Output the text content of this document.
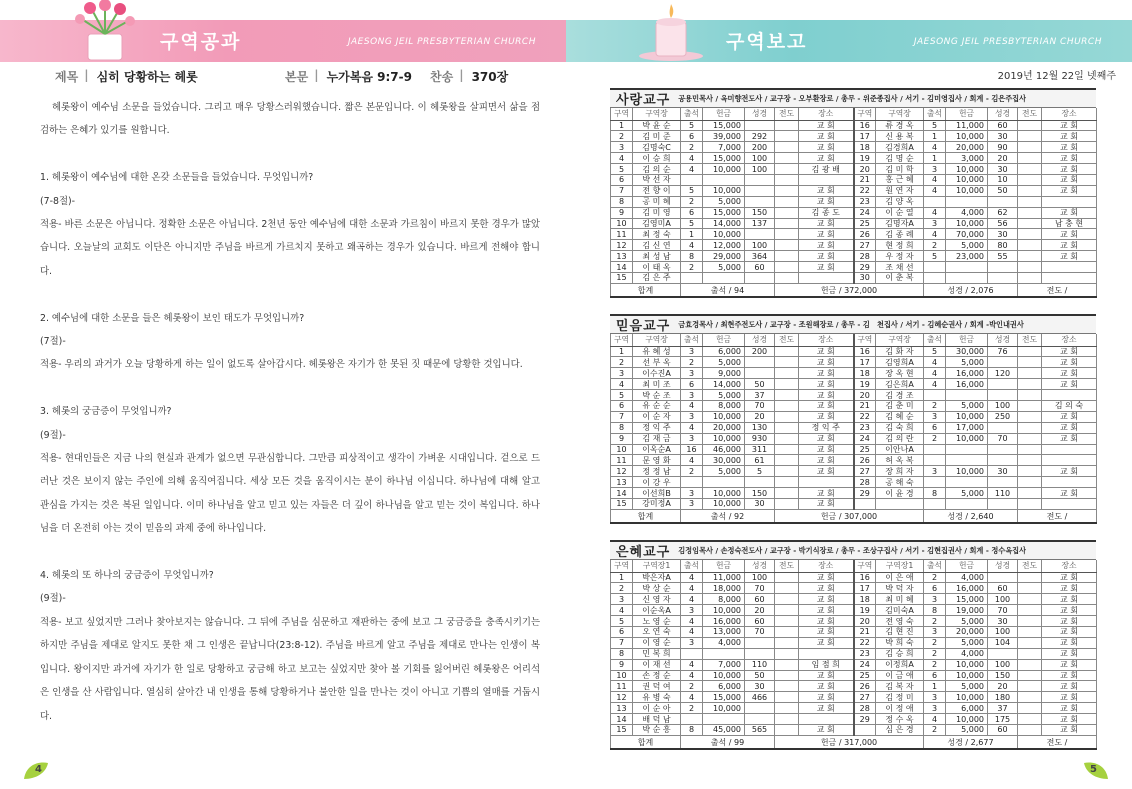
구역공과	JAESONG JEIL PRESBYTERIAN CHURCH
제목 | 심히 당황하는 헤롯	본문 | 누가복음 9:7-9 찬송 | 370장

헤롯왕이 예수님 소문을 들었습니다. 그리고 매우 당황스러워했습니다. 짧은 본문입니다. 이 헤롯왕을 살피면서 삶을 점검하는 은혜가 있기를 원합니다.

1. 헤롯왕이 예수님에 대한 온갖 소문들을 들었습니다. 무엇입니까?

(7-8절)-

적용- 바른 소문은 아닙니다. 정확한 소문은 아닙니다. 2천년 동안 예수님에 대한 소문과 가르침이 바르지 못한 경우가 많았습니다. 오늘날의 교회도 이단은 아니지만 주님을 바르게 가르치지 못하고 왜곡하는 경우가 있습니다. 바르게 전해야 합니다.

2. 예수님에 대한 소문을 들은 헤롯왕이 보인 태도가 무엇입니까?

(7절)-

적용- 우리의 과거가 오늘 당황하게 하는 일이 없도록 살아갑시다. 헤롯왕은 자기가 한 못된 짓 때문에 당황한 것입니다.

3. 헤롯의 궁금증이 무엇입니까?

(9절)-

적용- 현대인들은 지금 나의 현실과 관계가 없으면 무관심합니다. 그만큼 피상적이고 생각이 가벼운 시대입니다. 겉으로 드러난 것은 보이지 않는 주인에 의해 움직여집니다. 세상 모든 것을 움직이시는 분이 하나님 이십니다. 하나님에 대해 알고 관심을 가지는 것은 복된 일입니다. 이미 하나님을 알고 믿고 있는 자들은 더 깊이 하나님을 알고 믿는 것이 복입니다. 하나님을 더 온전히 아는 것이 믿음의 과제 중에 하나입니다.

4. 헤롯의 또 하나의 궁금증이 무엇입니까?

(9절)-

적용- 보고 싶었지만 그러나 찾아보지는 않습니다. 그 뒤에 주님을 심문하고 재판하는 중에 보고 그 궁금증을 충족시키기는 하지만 주님을 제대로 알지도 못한 채 그 인생은 끝납니다(23:8-12). 주님을 바르게 알고 주님을 제대로 만나는 인생이 복입니다. 왕이지만 과거에 자기가 한 일로 당황하고 궁금해 하고 보고는 싶었지만 찾아 볼 기회를 잃어버린 헤롯왕은 어리석은 인생을 산 사람입니다. 열심히 살아간 내 인생을 통해 당황하거나 불안한 일을 만나는 것이 아니고 기쁨의 열매를 거둡시다.

4
구역보고	JAESONG JEIL PRESBYTERIAN CHURCH
2019년 12월 22일 넷째주
사랑교구 공용민목사 / 옥미향전도사 / 교구장 - 오부환장로 / 총무 - 위준종집사 / 서기 - 김미영집사 / 회계 - 김은주집사
구역	구역장	출석	헌금	성경	전도	장소	구역	구역장	출석	헌금	성경	전도	장소
1	박 윤 순	5	15,000			교 회	16	류 경 옥	5	11,000	60		교 회
2	김 미 준	6	39,000	292		교 회	17	신 용 복	1	10,000	30		교 회
3	김명숙C	2	7,000	200		교 회	18	김경희A	4	20,000	90		교 회
4	이 승 희	4	15,000	100		교 회	19	김 명 순	1	3,000	20		교 회
5	김 의 순	4	10,000	100		김 광 배	20	김 미 학	3	10,000	30		교 회
6	박 선 자						21	홍 근 혜	4	10,000	10		교 회
7	전 향 이	5	10,000			교 회	22	원 연 자	4	10,000	50		교 회
8	공 미 혜	2	5,000			교 회	23	김 양 옥					
9	김 미 영	6	15,000	150		김 종 도	24	이 순 열	4	4,000	62		교 회
10	김영미A	5	14,000	137		교 회	25	김명자A	3	10,000	56		남 충 현
11	최 정 숙	1	10,000			교 회	26	김 종 례	4	70,000	30		교 회
12	김 신 연	4	12,000	100		교 회	27	현 정 희	2	5,000	80		교 회
13	최 성 남	8	29,000	364		교 회	28	우 정 자	5	23,000	55		교 회
14	이 태 옥	2	5,000	60		교 회	29	조 채 선					
15	김 은 주						30	이 춘 복					
합계		출석 / 94			헌금 / 372,000				성경 / 2,076			전도 /	
믿음교구 금효경목사 / 최현주전도사 / 교구장 - 조원해장로 / 총무 - 김　천집사 / 서기 - 김혜순권사 / 회계 -박인내권사
구역	구역장	출석	헌금	성경	전도	장소	구역	구역장	출석	헌금	성경	전도	장소
1	유 혜 성	3	6,000	200		교 회	16	김 화 자	5	30,000	76		교 회
2	선 부 옥	2	5,000			교 회	17	김영희A	4	5,000			교 회
3	이수진A	3	9,000			교 회	18	장 옥 현	4	16,000	120		교 회
4	최 미 조	6	14,000	50		교 회	19	김은희A	4	16,000			교 회
5	박 순 조	3	5,000	37		교 회	20	김 경 조					
6	유 순 순	4	8,000	70		교 회	21	김 춘 미	2	5,000	100		김 의 숙
7	이 순 자	3	10,000	20		교 회	22	김 혜 순	3	10,000	250		교 회
8	정 익 주	4	20,000	130		정 익 주	23	김 숙 희	6	17,000			교 회
9	김 재 금	3	10,000	930		교 회	24	김 의 란	2	10,000	70		교 회
10	이옥순A	16	46,000	311		교 회	25	이안나A					
11	문 영 화	4	30,000	61		교 회	26	허 옥 복					
12	정 정 남	2	5,000	5		교 회	27	장 희 자	3	10,000	30		교 회
13	이 강 우						28	공 해 숙					
14	이선희B	3	10,000	150		교 회	29	이 윤 경	8	5,000	110		교 회
15	강미정A	3	10,000	30		교 회							
합계		출석 / 92			헌금 / 307,000				성경 / 2,640			전도 /	
은혜교구 김정임목사 / 손정숙전도사 / 교구장 - 박기식장로 / 총무 - 조상구집사 / 서기 - 김현집권사 / 회계 - 정수옥집사
구역	구역장1	출석	헌금	성경	전도	장소	구역	구역장1	출석	헌금	성경	전도	장소
1	박은자A	4	11,000	100		교 회	16	이 은 애	2	4,000			교 회
2	박 상 순	4	18,000	70		교 회	17	박 덕 자	6	16,000	60		교 회
3	신 영 자	4	8,000	60		교 회	18	최 미 혜	3	15,000	100		교 회
4	이순옥A	3	10,000	20		교 회	19	김미숙A	8	19,000	70		교 회
5	노 영 순	4	16,000	60		교 회	20	전 영 숙	2	5,000	30		교 회
6	오 연 숙	4	13,000	70		교 회	21	김 현 진	3	20,000	100		교 회
7	이 영 순	3	4,000			교 회	22	박 희 숙	2	5,000	104		교 회
8	민 복 희						23	김 승 희	2	4,000			교 회
9	이 재 선	4	7,000	110		임 점 희	24	이정희A	2	10,000	100		교 회
10	손 정 순	4	10,000	50		교 회	25	이 금 애	6	10,000	150		교 회
11	권 덕 여	2	6,000	30		교 회	26	김 복 자	1	5,000	20		교 회
12	유 병 숙	4	15,000	466		교 회	27	김 정 미	3	10,000	180		교 회
13	이 순 아	2	10,000			교 회	28	이 정 애	3	6,000	37		교 회
14	배 덕 남						29	정 수 옥	4	10,000	175		교 회
15	박 순 흥	8	45,000	565		교 회		심 은 경	2	5,000	60		교 회
합계		출석 / 99			헌금 / 317,000				성경 / 2,677			전도 /	
5
